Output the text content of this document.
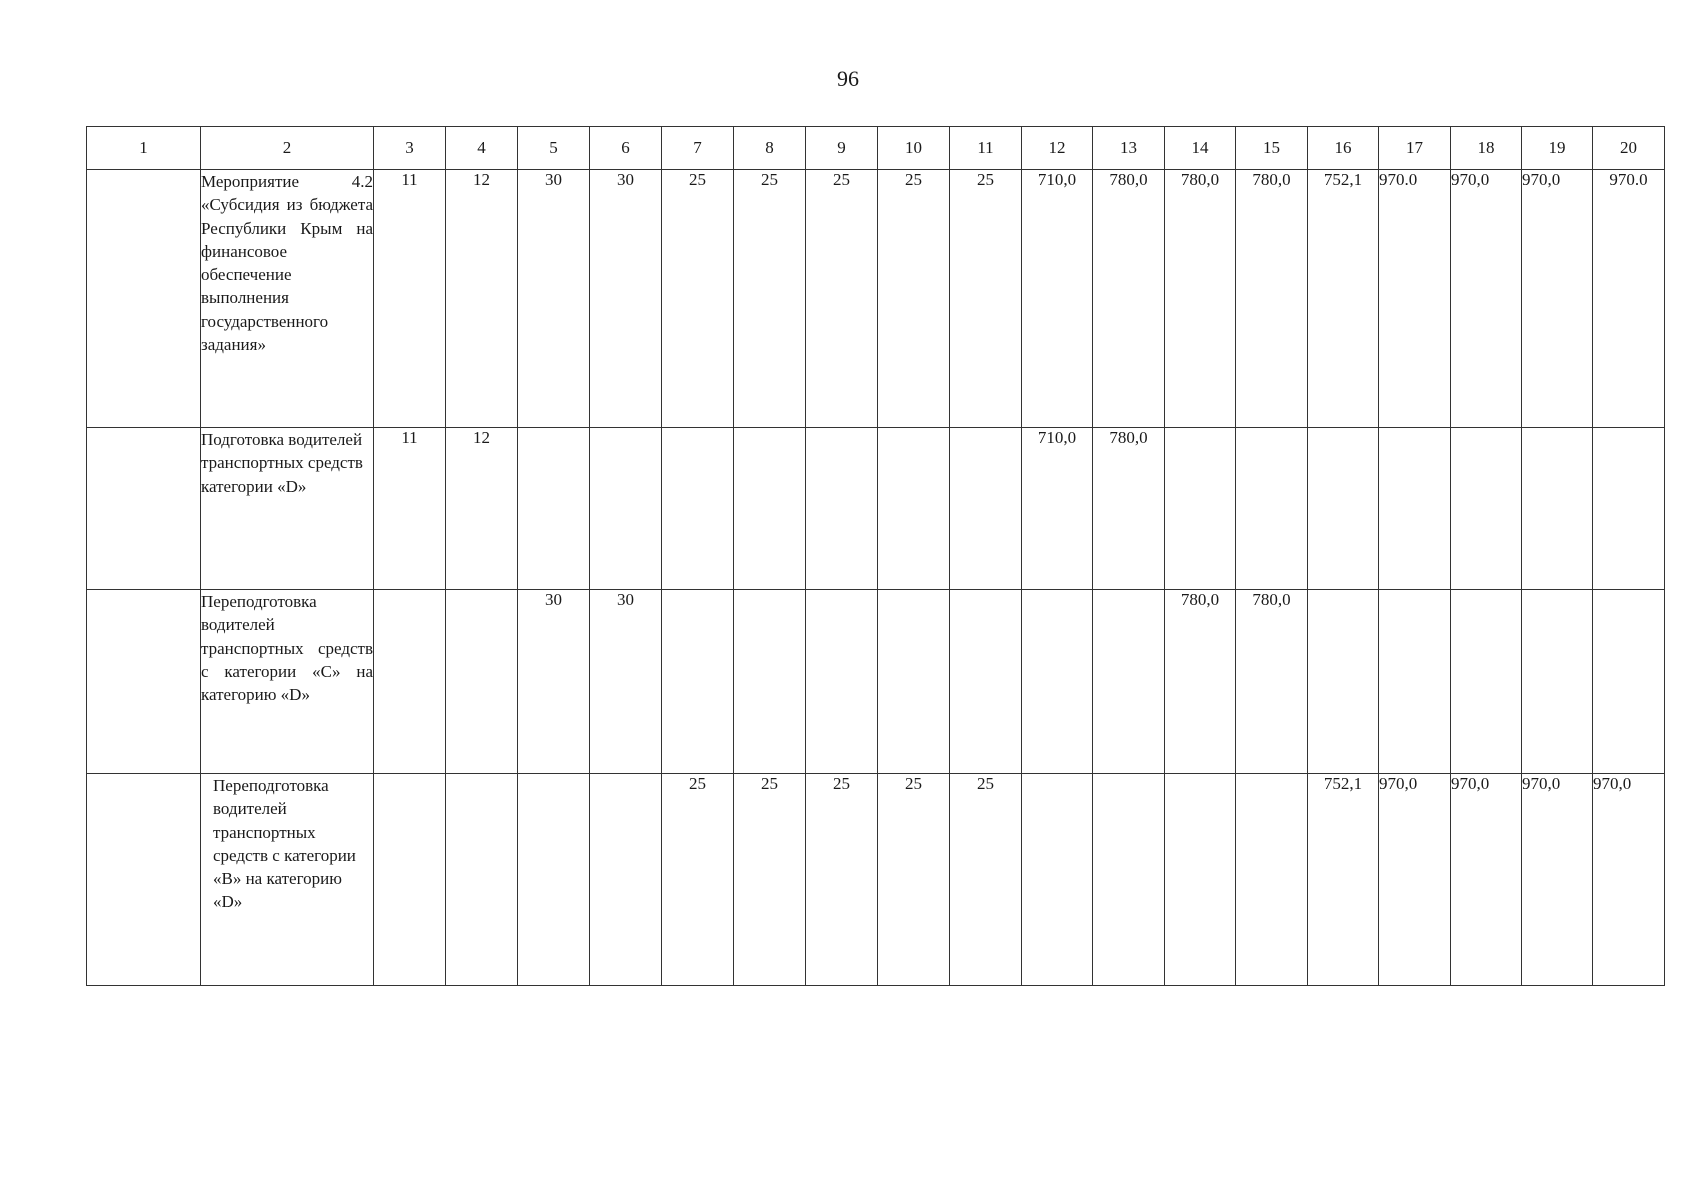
96
1	2	3	4	5	6	7	8	9	10	11	12	13	14	15	16	17	18	19	20
	Мероприятие 4.2 «Субсидия из бюджета Республики Крым на финансовое обеспечение выполнения государственного задания»	11	12	30	30	25	25	25	25	25	710,0	780,0	780,0	780,0	752,1	970.0	970,0	970,0	970.0
	Подготовка водителей транспортных средств категории «D»	11	12								710,0	780,0							
	Переподготовка водителей транспортных средств с категории «С» на категорию «D»			30	30								780,0	780,0					
	Переподготовка водителей транспортных средств с категории «В» на категорию «D»					25	25	25	25	25					752,1	970,0	970,0	970,0	970,0
